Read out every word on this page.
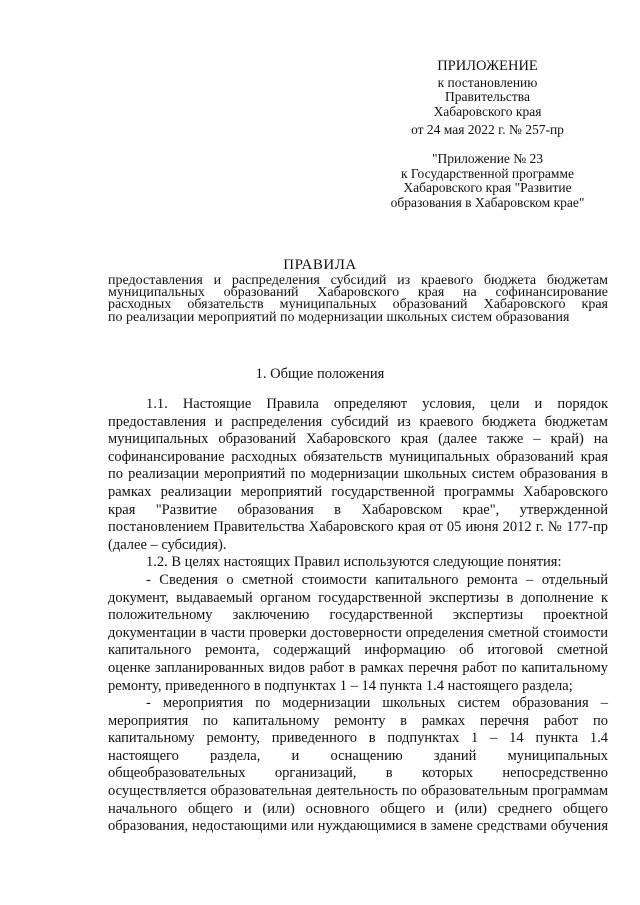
ПРИЛОЖЕНИЕ
к постановлению
Правительства
Хабаровского края
от 24 мая 2022 г. № 257-пр
"Приложение № 23
к Государственной программе
Хабаровского края "Развитие
образования в Хабаровском крае"
ПРАВИЛА
предоставления и распределения субсидий из краевого бюджета бюджетам
муниципальных образований Хабаровского края на софинансирование
расходных обязательств муниципальных образований Хабаровского края
по реализации мероприятий по модернизации школьных систем образования
1. Общие положения
1.1. Настоящие Правила определяют условия, цели и порядок
предоставления и распределения субсидий из краевого бюджета бюджетам
муниципальных образований Хабаровского края (далее также – край) на
софинансирование расходных обязательств муниципальных образований края
по реализации мероприятий по модернизации школьных систем образования в
рамках реализации мероприятий государственной программы Хабаровского
края "Развитие образования в Хабаровском крае", утвержденной
постановлением Правительства Хабаровского края от 05 июня 2012 г. № 177-пр
(далее – субсидия).
1.2. В целях настоящих Правил используются следующие понятия:
- Сведения о сметной стоимости капитального ремонта – отдельный
документ, выдаваемый органом государственной экспертизы в дополнение к
положительному заключению государственной экспертизы проектной
документации в части проверки достоверности определения сметной стоимости
капитального ремонта, содержащий информацию об итоговой сметной
оценке запланированных видов работ в рамках перечня работ по капитальному
ремонту, приведенного в подпунктах 1 – 14 пункта 1.4 настоящего раздела;
- мероприятия по модернизации школьных систем образования –
мероприятия по капитальному ремонту в рамках перечня работ по
капитальному ремонту, приведенного в подпунктах 1 – 14 пункта 1.4
настоящего раздела, и оснащению зданий муниципальных
общеобразовательных организаций, в которых непосредственно
осуществляется образовательная деятельность по образовательным программам
начального общего и (или) основного общего и (или) среднего общего
образования, недостающими или нуждающимися в замене средствами обучения
